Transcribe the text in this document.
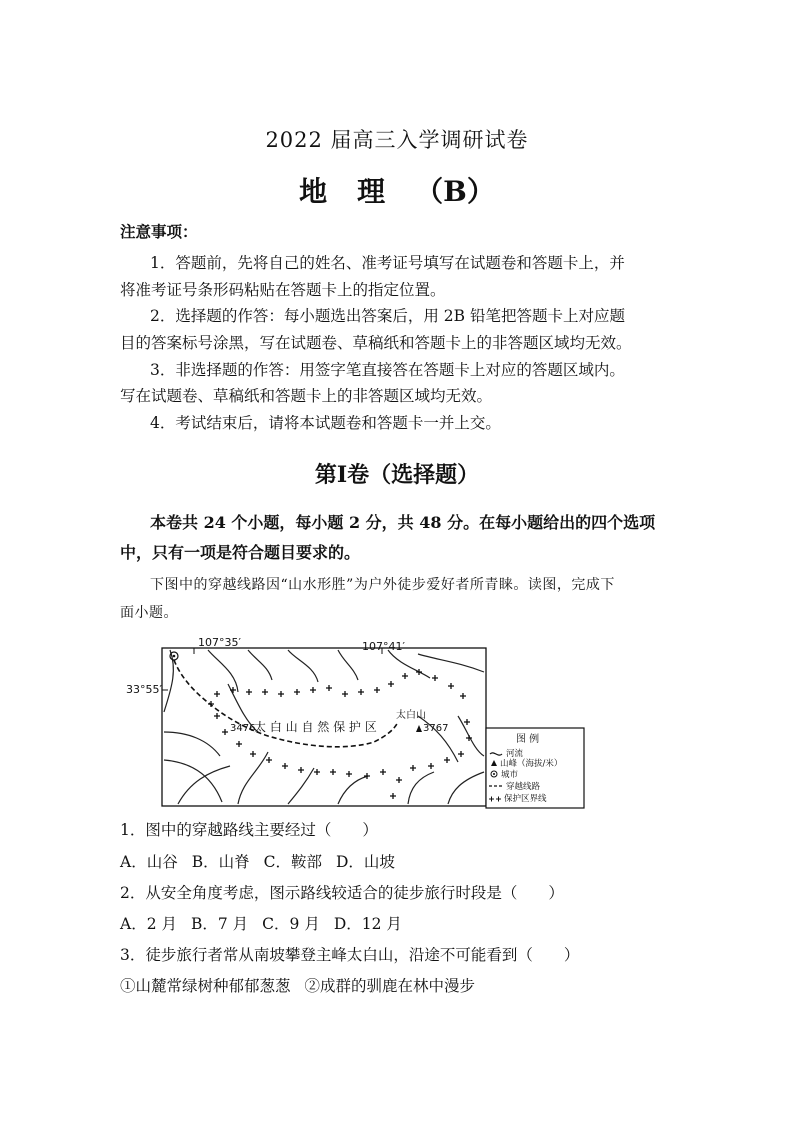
2022 届高三入学调研试卷
地 理 （B）
注意事项：
1．答题前，先将自己的姓名、准考证号填写在试题卷和答题卡上，并
将准考证号条形码粘贴在答题卡上的指定位置。
2．选择题的作答：每小题选出答案后，用 2B 铅笔把答题卡上对应题
目的答案标号涂黑，写在试题卷、草稿纸和答题卡上的非答题区域均无效。
3．非选择题的作答：用签字笔直接答在答题卡上对应的答题区域内。
写在试题卷、草稿纸和答题卡上的非答题区域均无效。
4．考试结束后，请将本试题卷和答题卡一并上交。
第Ⅰ卷（选择题）
本卷共 24 个小题，每小题 2 分，共 48 分。在每小题给出的四个选项
中，只有一项是符合题目要求的。
下图中的穿越线路因“山水形胜”为户外徒步爱好者所青睐。读图，完成下
面小题。
107°35′	107°41′
33°55′
3476
太 白 山 自 然 保 护 区
太白山
3767
图 例
河流
山峰（海拔/米）
城市
穿越线路
保护区界线
1．图中的穿越路线主要经过（　　）
A．山谷 B．山脊 C．鞍部 D．山坡
2．从安全角度考虑，图示路线较适合的徒步旅行时段是（　　）
A．2 月 B．7 月 C．9 月 D．12 月
3．徒步旅行者常从南坡攀登主峰太白山，沿途不可能看到（　　）
①山麓常绿树种郁郁葱葱 ②成群的驯鹿在林中漫步
